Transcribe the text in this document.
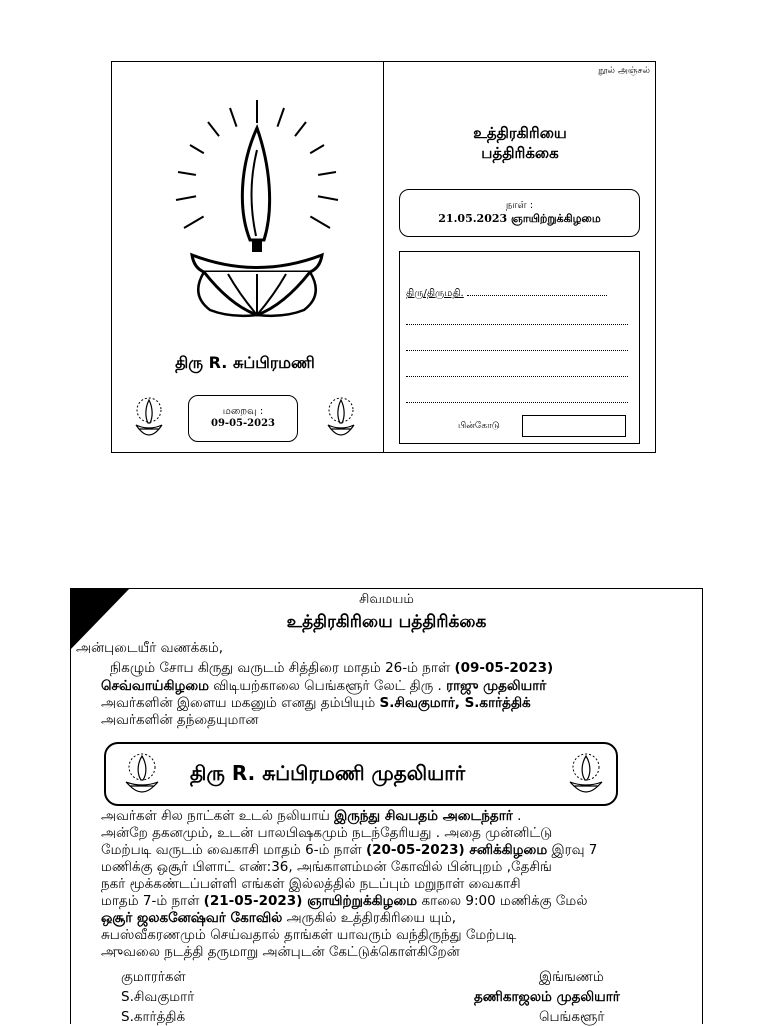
திரு R. சுப்பிரமணி
மறைவு :
09-05-2023
நூல் அஞ்சல்
உத்திரகிரியை
பத்திரிக்கை
நாள் :
21.05.2023 ஞாயிற்றுக்கிழமை
திரு/திருமதி.
பின்கோடு
சிவமயம்
உத்திரகிரியை பத்திரிக்கை
அன்புடையீர் வணக்கம்,
நிகழும் சோப கிருது வருடம் சித்திரை மாதம் 26-ம் நாள் (09-05-2023)
செவ்வாய்கிழமை விடியற்காலை பெங்களூர் லேட் திரு . ராஜு முதலியார்
அவர்களின் இளைய மகனும் எனது தம்பியும் S.சிவகுமார், S.கார்த்திக்
அவர்களின் தந்தையுமான
திரு R. சுப்பிரமணி முதலியார்
அவர்கள் சில நாட்கள் உடல் நலியாய் இருந்து சிவபதம் அடைந்தார் .
அன்றே தகனமும், உடன் பாலபிஷகமும் நடந்தேரியது . அதை முன்னிட்டு
மேற்படி வருடம் வைகாசி மாதம் 6-ம் நாள் (20-05-2023) சனிக்கிழமை இரவு 7
மணிக்கு ஒசூர் பிளாட் எண்:36, அங்காளம்மன் கோவில் பின்புறம் ,தேசிங்
நகர் மூக்கண்டப்பள்ளி எங்கள் இல்லத்தில் நடப்பும் மறுநாள் வைகாசி
மாதம் 7-ம் நாள் (21-05-2023) ஞாயிற்றுக்கிழமை காலை 9:00 மணிக்கு மேல்
ஒசூர் ஜலகனேஷ்வர் கோவில் அருகில் உத்திரகிரியை யும்,
சுபஸ்வீகரணமும் செய்வதால் தாங்கள் யாவரும் வந்திருந்து மேற்படி
அுவலை நடத்தி தருமாறு அன்புடன் கேட்டுக்கொள்கிறேன்
குமாரர்கள்
S.சிவகுமார்
S.கார்த்திக்
இங்ஙணம்
தணிகாஜலம் முதலியார்
பெங்களூர்
